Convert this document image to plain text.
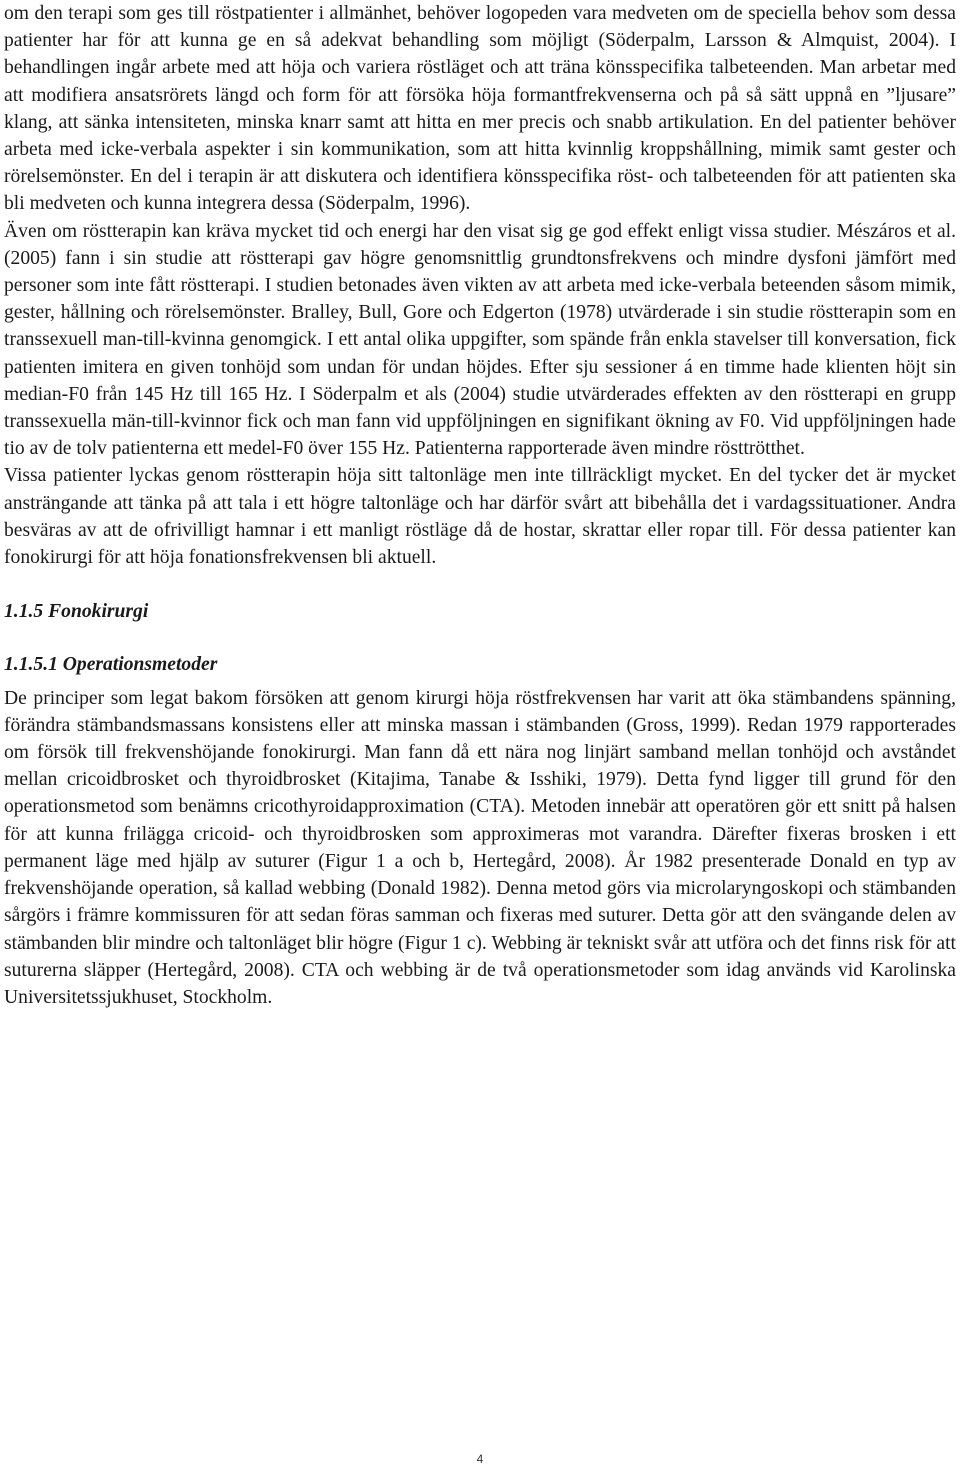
om den terapi som ges till röstpatienter i allmänhet, behöver logopeden vara medveten om de speciella behov som dessa patienter har för att kunna ge en så adekvat behandling som möjligt (Söderpalm, Larsson & Almquist, 2004). I behandlingen ingår arbete med att höja och variera röstläget och att träna könsspecifika talbeteenden. Man arbetar med att modifiera ansatsrörets längd och form för att försöka höja formantfrekvenserna och på så sätt uppnå en ”ljusare” klang, att sänka intensiteten, minska knarr samt att hitta en mer precis och snabb artikulation. En del patienter behöver arbeta med icke-verbala aspekter i sin kommunikation, som att hitta kvinnlig kroppshållning, mimik samt gester och rörelsemönster. En del i terapin är att diskutera och identifiera könsspecifika röst- och talbeteenden för att patienten ska bli medveten och kunna integrera dessa (Söderpalm, 1996).

Även om röstterapin kan kräva mycket tid och energi har den visat sig ge god effekt enligt vissa studier. Mészáros et al. (2005) fann i sin studie att röstterapi gav högre genomsnittlig grundtonsfrekvens och mindre dysfoni jämfört med personer som inte fått röstterapi. I studien betonades även vikten av att arbeta med icke-verbala beteenden såsom mimik, gester, hållning och rörelsemönster. Bralley, Bull, Gore och Edgerton (1978) utvärderade i sin studie röstterapin som en transsexuell man-till-kvinna genomgick. I ett antal olika uppgifter, som spände från enkla stavelser till konversation, fick patienten imitera en given tonhöjd som undan för undan höjdes. Efter sju sessioner á en timme hade klienten höjt sin median-F0 från 145 Hz till 165 Hz. I Söderpalm et als (2004) studie utvärderades effekten av den röstterapi en grupp transsexuella män-till-kvinnor fick och man fann vid uppföljningen en signifikant ökning av F0. Vid uppföljningen hade tio av de tolv patienterna ett medel-F0 över 155 Hz. Patienterna rapporterade även mindre rösttrötthet.

Vissa patienter lyckas genom röstterapin höja sitt taltonläge men inte tillräckligt mycket. En del tycker det är mycket ansträngande att tänka på att tala i ett högre taltonläge och har därför svårt att bibehålla det i vardagssituationer. Andra besväras av att de ofrivilligt hamnar i ett manligt röstläge då de hostar, skrattar eller ropar till. För dessa patienter kan fonokirurgi för att höja fonationsfrekvensen bli aktuell.

1.1.5 Fonokirurgi
1.1.5.1 Operationsmetoder

De principer som legat bakom försöken att genom kirurgi höja röstfrekvensen har varit att öka stämbandens spänning, förändra stämbandsmassans konsistens eller att minska massan i stämbanden (Gross, 1999). Redan 1979 rapporterades om försök till frekvenshöjande fonokirurgi. Man fann då ett nära nog linjärt samband mellan tonhöjd och avståndet mellan cricoidbrosket och thyroidbrosket (Kitajima, Tanabe & Isshiki, 1979). Detta fynd ligger till grund för den operationsmetod som benämns cricothyroidapproximation (CTA). Metoden innebär att operatören gör ett snitt på halsen för att kunna frilägga cricoid- och thyroidbrosken som approximeras mot varandra. Därefter fixeras brosken i ett permanent läge med hjälp av suturer (Figur 1 a och b, Hertegård, 2008). År 1982 presenterade Donald en typ av frekvenshöjande operation, så kallad webbing (Donald 1982). Denna metod görs via microlaryngoskopi och stämbanden sårgörs i främre kommissuren för att sedan föras samman och fixeras med suturer. Detta gör att den svängande delen av stämbanden blir mindre och taltonläget blir högre (Figur 1 c). Webbing är tekniskt svår att utföra och det finns risk för att suturerna släpper (Hertegård, 2008). CTA och webbing är de två operationsmetoder som idag används vid Karolinska Universitetssjukhuset, Stockholm.

4
